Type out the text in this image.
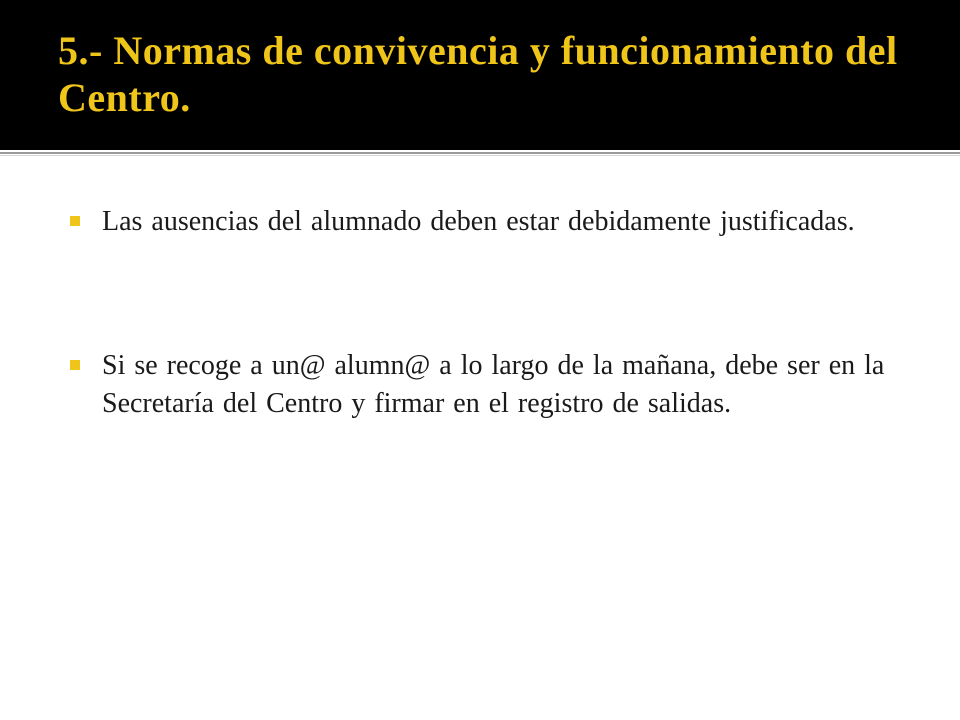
5.- Normas de convivencia y funcionamiento del Centro.
Las ausencias del alumnado deben estar debidamente justificadas.
Si se recoge a un@ alumn@ a lo largo de la mañana, debe ser en la Secretaría del Centro y firmar en el registro de salidas.
